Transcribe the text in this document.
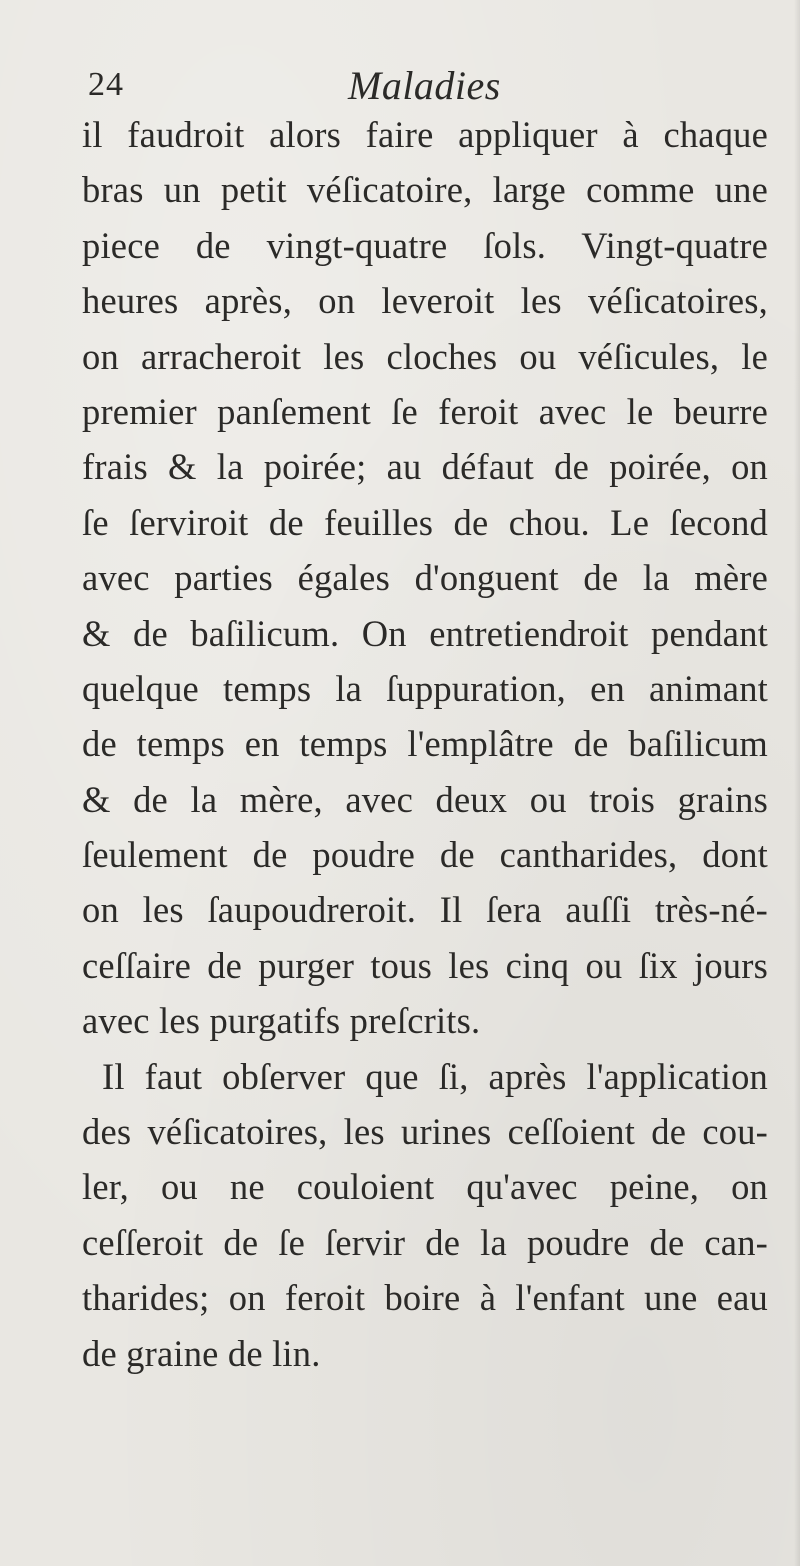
24	Maladies
il faudroit alors faire appliquer à chaque
bras un petit véſicatoire, large comme une
piece de vingt-quatre ſols. Vingt-quatre
heures après, on leveroit les véſicatoires,
on arracheroit les cloches ou véſicules, le
premier panſement ſe feroit avec le beurre
frais & la poirée; au défaut de poirée, on
ſe ſerviroit de feuilles de chou. Le ſecond
avec parties égales d'onguent de la mère
& de baſilicum. On entretiendroit pendant
quelque temps la ſuppuration, en animant
de temps en temps l'emplâtre de baſilicum
& de la mère, avec deux ou trois grains
ſeulement de poudre de cantharides, dont
on les ſaupoudreroit. Il ſera auſſi très-né-
ceſſaire de purger tous les cinq ou ſix jours
avec les purgatifs preſcrits.
Il faut obſerver que ſi, après l'application
des véſicatoires, les urines ceſſoient de cou-
ler, ou ne couloient qu'avec peine, on
ceſſeroit de ſe ſervir de la poudre de can-
tharides; on feroit boire à l'enfant une eau
de graine de lin.
